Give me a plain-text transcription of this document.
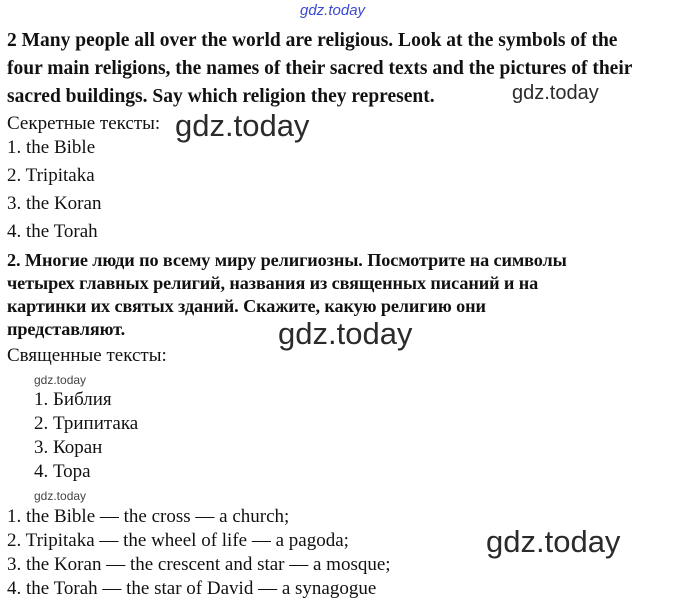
gdz.today
2 Many people all over the world are religious. Look at the symbols of the
four main religions, the names of their sacred texts and the pictures of their
sacred buildings. Say which religion they represent.	gdz.today
Секретные тексты: gdz.today
1. the Bible
2. Tripitaka
3. the Koran
4. the Torah
2. Многие люди по всему миру религиозны. Посмотрите на символы
четырех главных религий, названия из священных писаний и на
картинки их святых зданий. Скажите, какую религию они
представляют.	gdz.today
Священные тексты:
gdz.today
1. Библия
2. Трипитака
3. Коран
4. Тора
gdz.today
1. the Bible — the cross — a church;
2. Tripitaka — the wheel of life — a pagoda;
3. the Koran — the crescent and star — a mosque;
4. the Torah — the star of David — a synagogue
gdz.today
